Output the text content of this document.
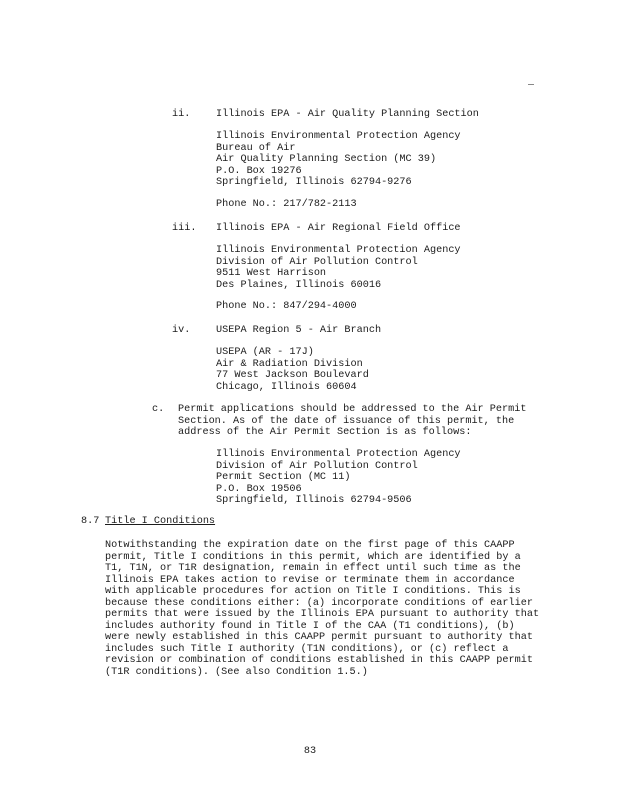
ii.	Illinois EPA - Air Quality Planning Section
Illinois Environmental Protection Agency
Bureau of Air
Air Quality Planning Section (MC 39)
P.O. Box 19276
Springfield, Illinois 62794-9276
Phone No.: 217/782-2113
iii.	Illinois EPA - Air Regional Field Office
Illinois Environmental Protection Agency
Division of Air Pollution Control
9511 West Harrison
Des Plaines, Illinois 60016
Phone No.: 847/294-4000
iv.	USEPA Region 5 - Air Branch
USEPA (AR - 17J)
Air & Radiation Division
77 West Jackson Boulevard
Chicago, Illinois 60604
c. Permit applications should be addressed to the Air Permit
Section. As of the date of issuance of this permit, the
address of the Air Permit Section is as follows:
Illinois Environmental Protection Agency
Division of Air Pollution Control
Permit Section (MC 11)
P.O. Box 19506
Springfield, Illinois 62794-9506
8.7 Title I Conditions
Notwithstanding the expiration date on the first page of this CAAPP
permit, Title I conditions in this permit, which are identified by a
T1, T1N, or T1R designation, remain in effect until such time as the
Illinois EPA takes action to revise or terminate them in accordance
with applicable procedures for action on Title I conditions. This is
because these conditions either: (a) incorporate conditions of earlier
permits that were issued by the Illinois EPA pursuant to authority that
includes authority found in Title I of the CAA (T1 conditions), (b)
were newly established in this CAAPP permit pursuant to authority that
includes such Title I authority (T1N conditions), or (c) reflect a
revision or combination of conditions established in this CAAPP permit
(T1R conditions). (See also Condition 1.5.)
83
